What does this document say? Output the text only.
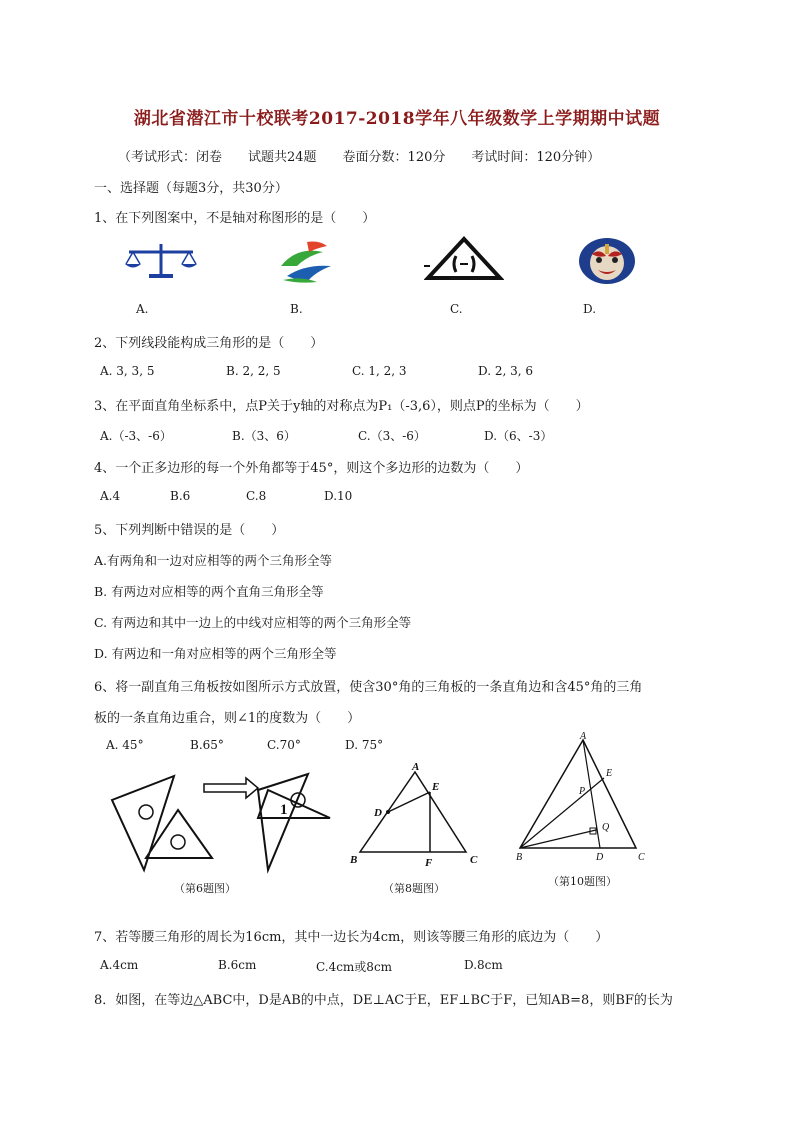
湖北省潜江市十校联考2017-2018学年八年级数学上学期期中试题
（考试形式：闭卷　　试题共24题　　卷面分数：120分　　考试时间：120分钟）
一、选择题（每题3分，共30分）
1、在下列图案中，不是轴对称图形的是（　　）
A.	B.	C.	D.
2、下列线段能构成三角形的是（　　）
A. 3, 3, 5	B. 2, 2, 5	C. 1, 2, 3	D. 2, 3, 6
3、在平面直角坐标系中，点P关于y轴的对称点为P₁（-3,6），则点P的坐标为（　　）
A.（-3、-6）	B.（3、6）	C.（3、-6）	D.（6、-3）
4、一个正多边形的每一个外角都等于45°，则这个多边形的边数为（　　）
A.4	B.6	C.8	D.10
5、下列判断中错误的是（　　）
A.有两角和一边对应相等的两个三角形全等
B. 有两边对应相等的两个直角三角形全等
C. 有两边和其中一边上的中线对应相等的两个三角形全等
D. 有两边和一角对应相等的两个三角形全等
6、将一副直角三角板按如图所示方式放置，使含30°角的三角板的一条直角边和含45°角的三角
板的一条直角边重合，则∠1的度数为（　　）
A. 45°	B.65°	C.70°	D. 75°
1
（第6题图）
A
B	C
D
E
F
（第8题图）
A
B	C
D
E
P
Q
（第10题图）
7、若等腰三角形的周长为16cm，其中一边长为4cm，则该等腰三角形的底边为（　　）
A.4cm	B.6cm	C.4cm或8cm	D.8cm
8．如图，在等边△ABC中，D是AB的中点，DE⊥AC于E，EF⊥BC于F，已知AB=8，则BF的长为
